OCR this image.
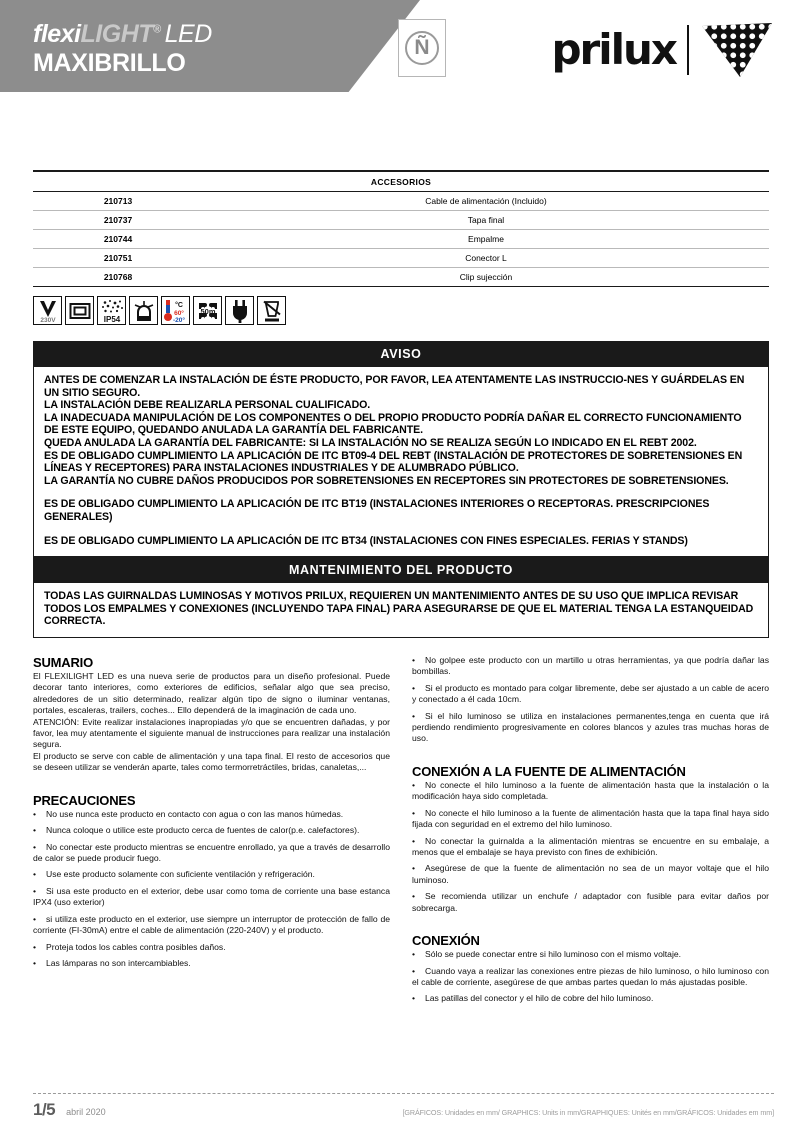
flexiLIGHT® LED
MAXIBRILLO
Ñ	prilux
ACCESORIOS	
210713	Cable de alimentación (Incluido)
210737	Tapa final
210744	Empalme
210751	Conector L
210768	Clip sujección
230V	IP54
°C
60°
-20°
50m
AVISO

ANTES DE COMENZAR LA INSTALACIÓN DE ÉSTE PRODUCTO, POR FAVOR, LEA ATENTAMENTE LAS INSTRUCCIO-NES Y GUÁRDELAS EN UN SITIO SEGURO.

LA INSTALACIÓN DEBE REALIZARLA PERSONAL CUALIFICADO.

LA INADECUADA MANIPULACIÓN DE LOS COMPONENTES O DEL PROPIO PRODUCTO PODRÍA DAÑAR EL CORRECTO FUNCIONAMIENTO DE ESTE EQUIPO, QUEDANDO ANULADA LA GARANTÍA DEL FABRICANTE.

QUEDA ANULADA LA GARANTÍA DEL FABRICANTE: SI LA INSTALACIÓN NO SE REALIZA SEGÚN LO INDICADO EN EL REBT 2002.

ES DE OBLIGADO CUMPLIMIENTO LA APLICACIÓN DE ITC BT09-4 DEL REBT (INSTALACIÓN DE PROTECTORES DE SOBRETENSIONES EN LÍNEAS Y RECEPTORES) PARA INSTALACIONES INDUSTRIALES Y DE ALUMBRADO PÚBLICO.

LA GARANTÍA NO CUBRE DAÑOS PRODUCIDOS POR SOBRETENSIONES EN RECEPTORES SIN PROTECTORES DE SOBRETENSIONES.

ES DE OBLIGADO CUMPLIMIENTO LA APLICACIÓN DE ITC BT19 (INSTALACIONES INTERIORES O RECEPTORAS. PRESCRIPCIONES GENERALES)

ES DE OBLIGADO CUMPLIMIENTO LA APLICACIÓN DE ITC BT34 (INSTALACIONES CON FINES ESPECIALES. FERIAS Y STANDS)

MANTENIMIENTO DEL PRODUCTO

TODAS LAS GUIRNALDAS LUMINOSAS Y MOTIVOS PRILUX, REQUIEREN UN MANTENIMIENTO ANTES DE SU USO QUE IMPLICA REVISAR TODOS LOS EMPALMES Y CONEXIONES (INCLUYENDO TAPA FINAL) PARA ASEGURARSE DE QUE EL MATERIAL TENGA LA ESTANQUEIDAD CORRECTA.

SUMARIO

El FLEXILIGHT LED es una nueva serie de productos para un diseño profesional. Puede decorar tanto interiores, como exteriores de edificios, señalar algo que sea preciso, alrededores de un sitio determinado, realizar algún tipo de signo o iluminar ventanas, portales, escaleras, trailers, coches... Ello dependerá de la imaginación de cada uno.

ATENCIÓN: Evite realizar instalaciones inapropiadas y/o que se encuentren dañadas, y por favor, lea muy atentamente el siguiente manual de instrucciones para realizar una instalación segura.

El producto se serve con cable de alimentación y una tapa final. El resto de accesorios que se deseen utilizar se venderán aparte, tales como termorretráctiles, bridas, canaletas,...

PRECAUCIONES
• No use nunca este producto en contacto con agua o con las manos húmedas.
• Nunca coloque o utilice este producto cerca de fuentes de calor(p.e. calefactores).
• No conectar este producto mientras se encuentre enrollado, ya que a través de desarrollo de calor se puede producir fuego.
• Use este producto solamente con suficiente ventilación y refrigeración.
• Si usa este producto en el exterior, debe usar como toma de corriente una base estanca IPX4 (uso exterior)
• si utiliza este producto en el exterior, use siempre un interruptor de protección de fallo de corriente (FI-30mA) entre el cable de alimentación (220-240V) y el producto.
• Proteja todos los cables contra posibles daños.
• Las lámparas no son intercambiables.
• No golpee este producto con un martillo u otras herramientas, ya que podría dañar las bombillas.
• Si el producto es montado para colgar libremente, debe ser ajustado a un cable de acero y conectado a él cada 10cm.
• Si el hilo luminoso se utiliza en instalaciones permanentes,tenga en cuenta que irá perdiendo rendimiento progresivamente en colores blancos y azules tras muchas horas de uso.
CONEXIÓN A LA FUENTE DE ALIMENTACIÓN
• No conecte el hilo luminoso a la fuente de alimentación hasta que la instalación o la modificación haya sido completada.
• No conecte el hilo luminoso a la fuente de alimentación hasta que la tapa final haya sido fijada con seguridad en el extremo del hilo luminoso.
• No conectar la guirnalda a la alimentación mientras se encuentre en su embalaje, a menos que el embalaje se haya previsto con fines de exhibición.
• Asegúrese de que la fuente de alimentación no sea de un mayor voltaje que el hilo luminoso.
• Se recomienda utilizar un enchufe / adaptador con fusible para evitar daños por sobrecarga.
CONEXIÓN
• Sólo se puede conectar entre si hilo luminoso con el mismo voltaje.
• Cuando vaya a realizar las conexiones entre piezas de hilo luminoso, o hilo luminoso con el cable de corriente, asegúrese de que ambas partes quedan lo más ajustadas posible.
• Las patillas del conector y el hilo de cobre del hilo luminoso.
1/5 abril 2020	[GRÁFICOS: Unidades en mm/ GRAPHICS: Units in mm/GRAPHIQUES: Unités en mm/GRÁFICOS: Unidades em mm]
